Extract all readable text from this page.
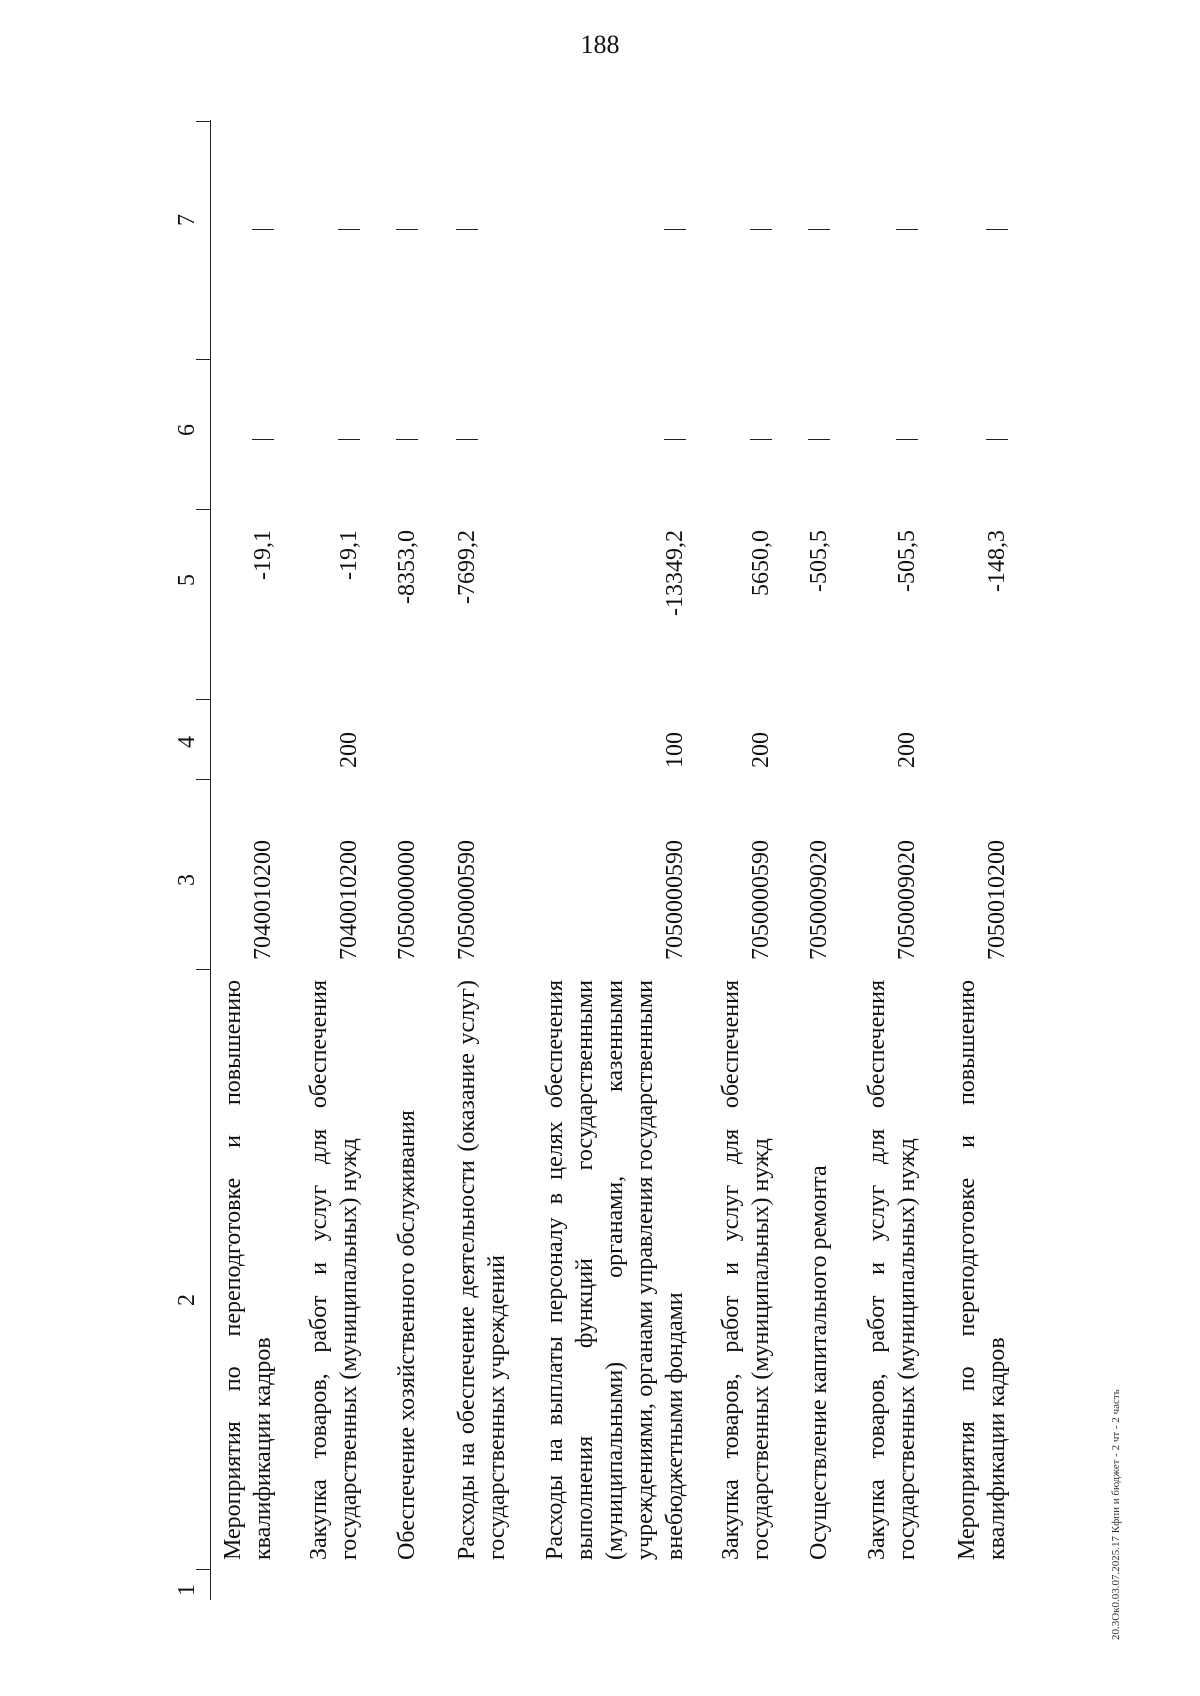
188
1
2
3
4
5
6
7
Мероприятия по переподготовке и повышению квалификации кадров
7040010200
-19,1
Закупка товаров, работ и услуг для обеспечения государственных (муниципальных) нужд
7040010200
200
-19,1
Обеспечение хозяйственного обслуживания
7050000000
-8353,0
Расходы на обеспечение деятельности (оказание услуг) государственных учреждений
7050000590
-7699,2
Расходы на выплаты персоналу в целях обеспечения выполнения функций государственными (муниципальными) органами, казенными учреждениями, органами управления государственными внебюджетными фондами
7050000590
100
-13349,2
Закупка товаров, работ и услуг для обеспечения государственных (муниципальных) нужд
7050000590
200
5650,0
Осуществление капитального ремонта
7050009020
-505,5
Закупка товаров, работ и услуг для обеспечения государственных (муниципальных) нужд
7050009020
200
-505,5
Мероприятия по переподготовке и повышению квалификации кадров
7050010200
-148,3
20.3Ок0.03.07.2025.17 Кфпи и бюджет - 2 чт - 2 часть
